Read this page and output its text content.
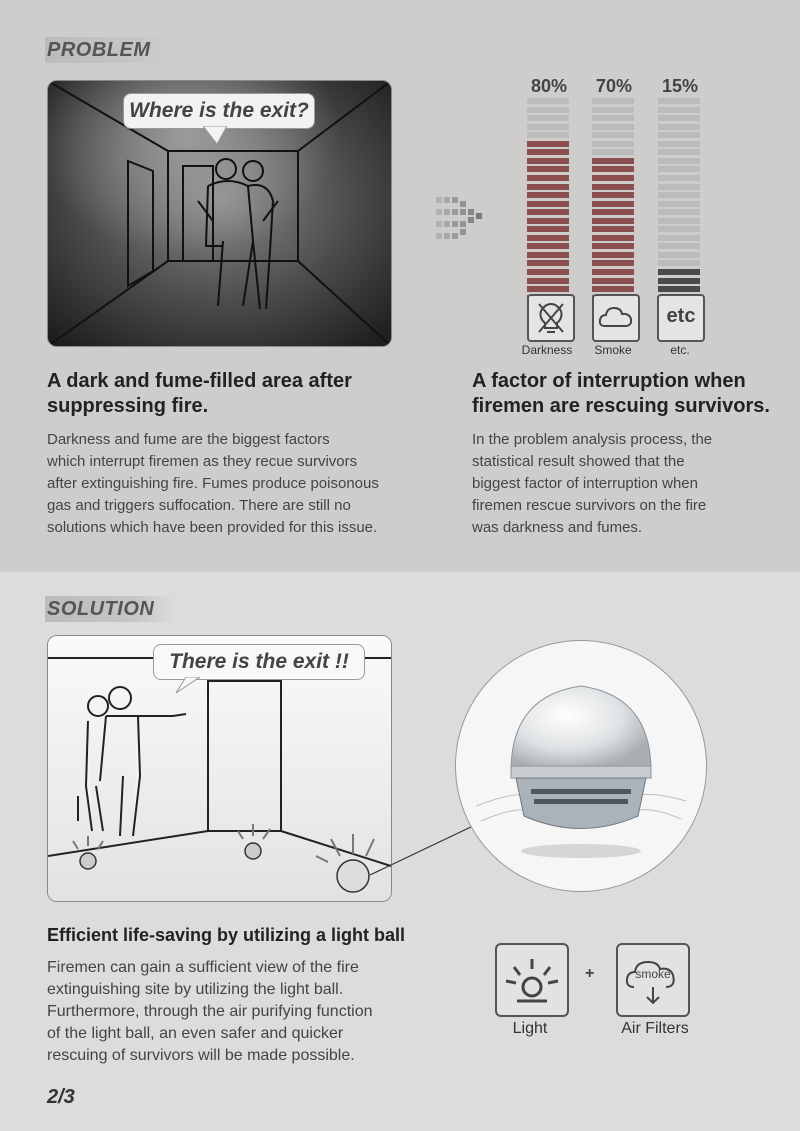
PROBLEM
Where is the exit?
80%	70%	15%
etc
Darkness	Smoke	etc.
A dark and fume-filled area after
suppressing fire.
Darkness and fume are the biggest factors
which interrupt firemen as they recue survivors
after extinguishing fire. Fumes produce poisonous
gas and triggers suffocation. There are still no
solutions which have been provided for this issue.
A factor of interruption when
firemen are rescuing survivors.
In the problem analysis process, the
statistical result showed that the
biggest factor of interruption when
firemen rescue survivors on the fire
was darkness and fumes.
SOLUTION
There is the exit !!
Efficient life-saving by utilizing a light ball
Firemen can gain a sufficient view of the fire
extinguishing site by utilizing the light ball.
Furthermore, through the air purifying function
of the light ball, an even safer and quicker
rescuing of survivors will be made possible.
+	smoke
Light	Air Filters
2/3
